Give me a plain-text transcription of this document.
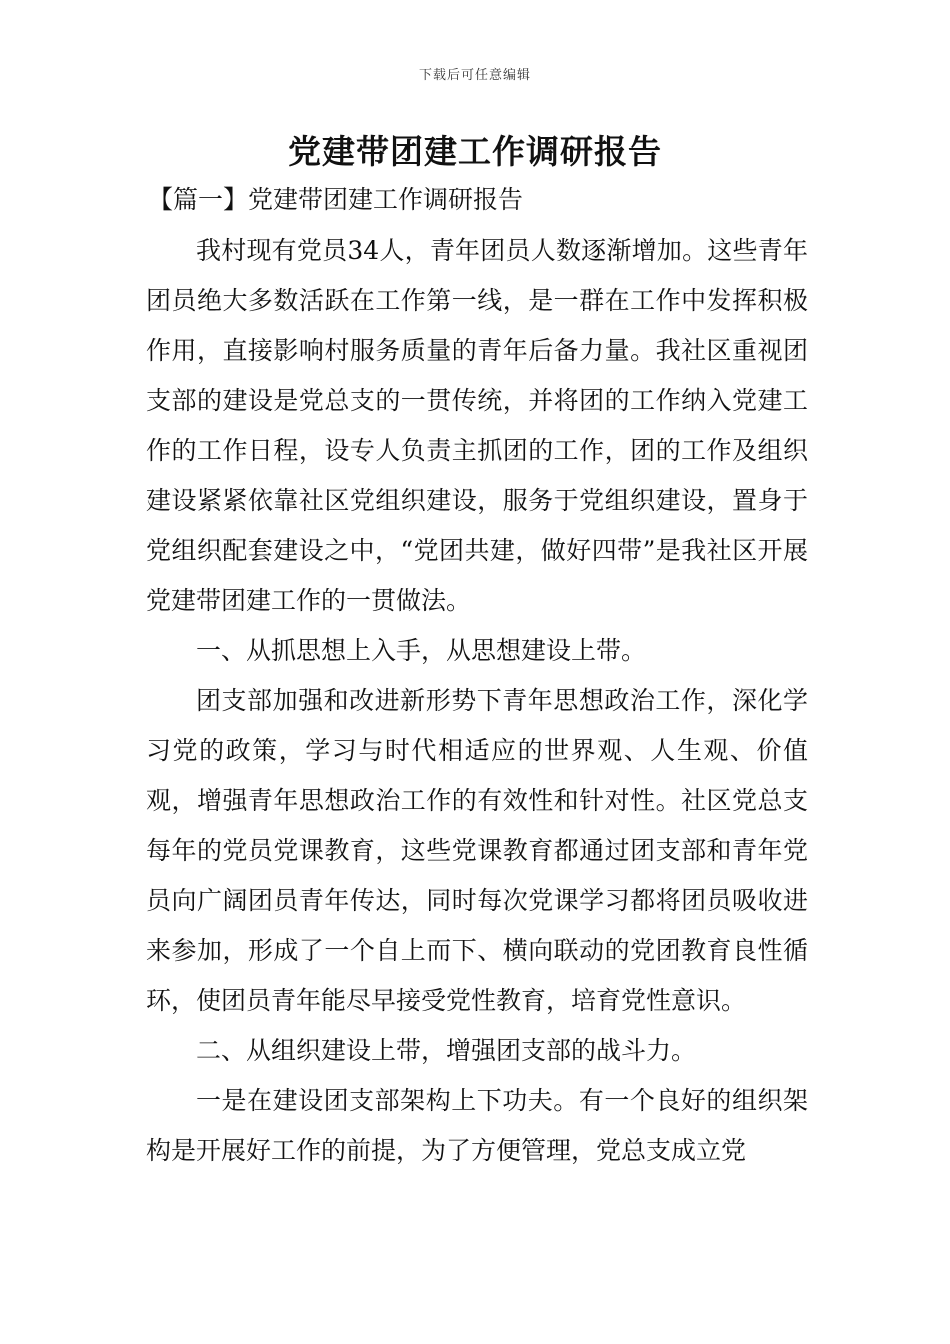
下载后可任意编辑
党建带团建工作调研报告
【篇一】党建带团建工作调研报告

我村现有党员34人，青年团员人数逐渐增加。这些青年团员绝大多数活跃在工作第一线，是一群在工作中发挥积极作用，直接影响村服务质量的青年后备力量。我社区重视团支部的建设是党总支的一贯传统，并将团的工作纳入党建工作的工作日程，设专人负责主抓团的工作，团的工作及组织建设紧紧依靠社区党组织建设，服务于党组织建设，置身于党组织配套建设之中，“党团共建，做好四带”是我社区开展党建带团建工作的一贯做法。

一、从抓思想上入手，从思想建设上带。

团支部加强和改进新形势下青年思想政治工作，深化学习党的政策，学习与时代相适应的世界观、人生观、价值观，增强青年思想政治工作的有效性和针对性。社区党总支每年的党员党课教育，这些党课教育都通过团支部和青年党员向广阔团员青年传达，同时每次党课学习都将团员吸收进来参加，形成了一个自上而下、横向联动的党团教育良性循环，使团员青年能尽早接受党性教育，培育党性意识。

二、从组织建设上带，增强团支部的战斗力。

一是在建设团支部架构上下功夫。有一个良好的组织架构是开展好工作的前提，为了方便管理，党总支成立党
